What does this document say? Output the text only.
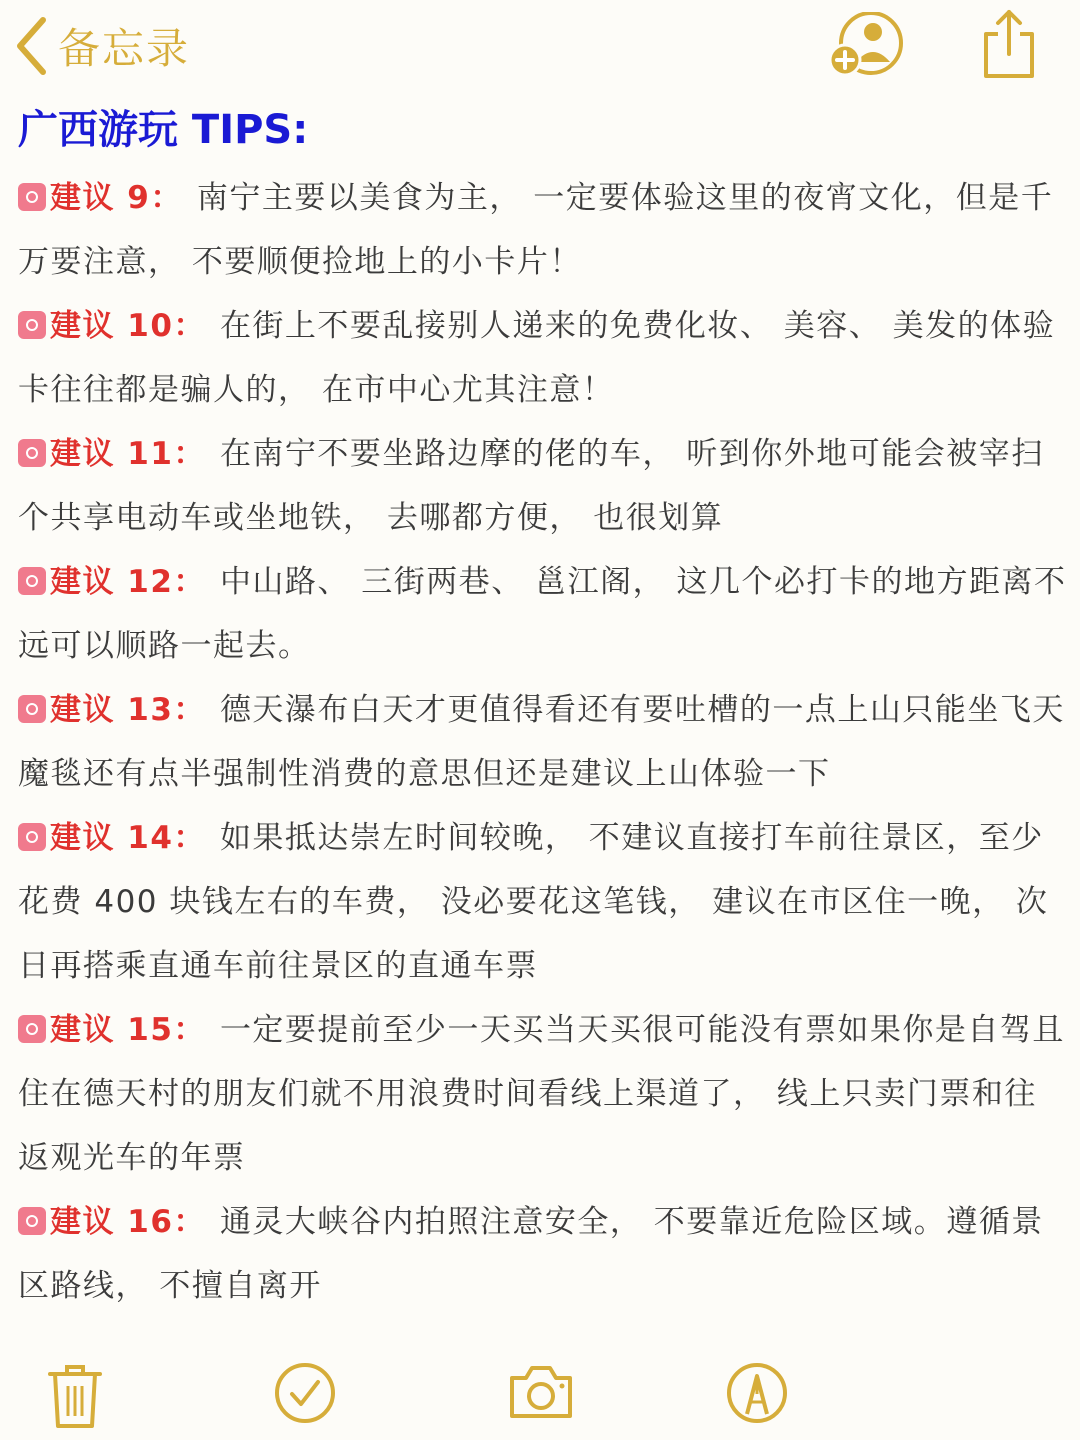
备忘录
广西游玩 TIPS:
建议 9： 南宁主要以美食为主， 一定要体验这里的夜宵文化，但是千万要注意， 不要顺便捡地上的小卡片！
建议 10： 在街上不要乱接别人递来的免费化妆、 美容、 美发的体验卡往往都是骗人的， 在市中心尤其注意！
建议 11： 在南宁不要坐路边摩的佬的车， 听到你外地可能会被宰扫个共享电动车或坐地铁， 去哪都方便， 也很划算
建议 12： 中山路、 三街两巷、 邕江阁， 这几个必打卡的地方距离不远可以顺路一起去。
建议 13： 德天瀑布白天才更值得看还有要吐槽的一点上山只能坐飞天魔毯还有点半强制性消费的意思但还是建议上山体验一下
建议 14： 如果抵达崇左时间较晚， 不建议直接打车前往景区，至少花费 400 块钱左右的车费， 没必要花这笔钱， 建议在市区住一晚， 次日再搭乘直通车前往景区的直通车票
建议 15： 一定要提前至少一天买当天买很可能没有票如果你是自驾且住在德天村的朋友们就不用浪费时间看线上渠道了， 线上只卖门票和往返观光车的年票
建议 16： 通灵大峡谷内拍照注意安全， 不要靠近危险区域。遵循景区路线， 不擅自离开
